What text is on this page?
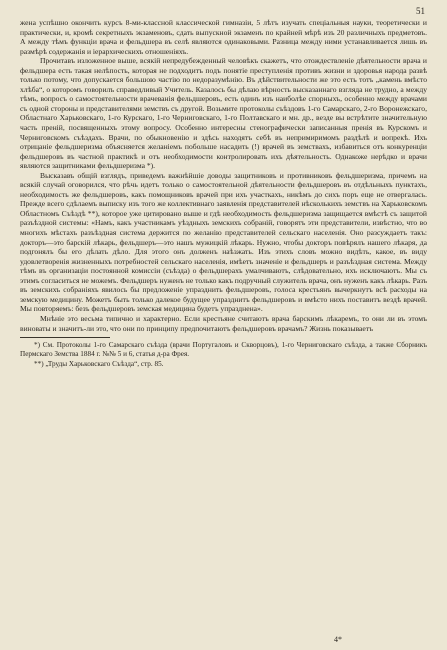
51

жена успѣшно окончить курсъ 8-ми-классной классической гимназiи, 5 лѣтъ изучать спецiальныя науки, теоретически и практически, и, кромѣ секретныхъ экзаменовъ, сдать выпускной экзаменъ по крайней мѣрѣ изъ 20 различныхъ предметовъ. А между тѣмъ функцiи врача и фельдшера въ селѣ являются одинаковыми. Разница между ними устанавливается лишь въ размѣрѣ содержанiя и iерархическихъ отношенiяхъ.

Прочитавъ изложенное выше, всякiй непредубежденный человѣкъ скажетъ, что отождествленiе дѣятельности врача и фельдшера есть такая нелѣпость, которая не подходитъ подъ понятiе преступленiя противъ жизни и здоровья народа развѣ только потому, что допускается большою частiю по недоразумѣнiю. Въ дѣйствительности же это есть тотъ „камень вмѣсто хлѣба“, о которомъ говорилъ справедливый Учитель. Казалось бы дѣлаю вѣрность высказаннаго взгляда не трудно, а между тѣмъ, вопросъ о самостоятельности врачеванiя фельдшеровъ, есть одинъ изъ наиболѣе спорныхъ, особенно между врачами съ одной стороны и представителями земствъ съ другой. Возьмите протоколы съѣздовъ 1-го Самарскаго, 2-го Воронежскаго, Областнаго Харьковскаго, 1-го Курскаго, 1-го Черниговскаго, 1-го Полтавскаго и мн. др., везде вы встрѣтите значительную часть пренiй, посвященныхъ этому вопросу. Особенно интересны стенографически записанныя пренiя въ Курскомъ и Черниговскомъ съѣздахъ. Врачи, по обыкновенiю и здѣсь находятъ себѣ въ непримиримомъ раздѣлѣ и вопрекѣ. Ихъ отрицанiе фельдшеризма объясняется желанiемъ побольше насадить (!) врачей въ земствахъ, избавиться отъ конкуренцiи фельдшеровъ въ частной практикѣ и отъ необходимости контролировать ихъ дѣятельность. Однакоже нерѣдко и врачи являются защитниками фельдшеризма *).

Высказавъ общiй взглядъ, приведемъ важнѣйшiе доводы защитниковъ и противниковъ фельдшеризма, причемъ на всякiй случай оговорился, что рѣчь идетъ только о самостоятельной дѣятельности фельдшеровъ въ отдѣльныхъ пунктахъ, необходимость же фельдшеровъ, какъ помощниковъ врачей при ихъ участкахъ, никѣмъ до сихъ поръ еще не отвергалась. Прежде всего сдѣлаемъ выписку изъ того же коллективнаго заявленiя представителей нѣсколькихъ земствъ на Харьковскомъ Областномъ Съѣздѣ **), которое уже цитировано выше и гдѣ необходимость фельдшеризма защищается вмѣстѣ съ защитой разъѣздной системы: «Намъ, какъ участникамъ уѣздныхъ земскихъ собранiй, говорятъ эти представители, извѣстно, что во многихъ мѣстахъ разъѣздная система держится по желанiю представителей сельскаго населенiя. Оно разсуждаетъ такъ: докторъ—это барскiй лѣкарь, фельдшеръ—это нашъ мужицкiй лѣкарь. Нужно, чтобы докторъ повѣрялъ нашего лѣкаря, да подгонялъ бы его дѣлать дѣло. Для этого онъ долженъ наѣзжать. Изъ этихъ словъ можно видѣть, какое, въ виду удовлетворенiя жизненныхъ потребностей сельскаго населенiя, имѣетъ значенiе и фельдшеръ и разъѣздная система. Между тѣмъ въ организацiи постоянной комиссiи (съѣзда) о фельдшерахъ умалчиваютъ, слѣдовательно, ихъ исключаютъ. Мы съ этимъ согласиться не можемъ. Фельдшеръ нуженъ не только какъ подручный служитель врача, онъ нуженъ какъ лѣкарь. Разъ въ земскихъ собранiяхъ явилось бы предложенiе упразднить фельдшеровъ, голоса крестьянъ вычеркнутъ всѣ расходы на земскую медицину. Можетъ быть только далекое будущее упразднитъ фельдшеровъ и вмѣсто нихъ поставитъ вездѣ врачей. Мы повторяемъ: безъ фельдшеровъ земская медицина будетъ упразднена».

Мнѣнiе это весьма типично и характерно. Если крестьяне считаютъ врача барскимъ лѣкаремъ, то они ли въ этомъ виноваты и значитъ-ли это, что они по принципу предпочитаютъ фельдшеровъ врачамъ? Жизнь показываетъ

*) См. Протоколы 1-го Самарскаго съѣзда (врачи Португаловъ и Скворцовъ), 1-го Черниговскаго съѣзда, а также Сборникъ Пермскаго Земства 1884 г. №№ 5 и 6, статья д-ра Фрея.

**) „Труды Харьковскаго Съѣзда“, стр. 85.

4*
